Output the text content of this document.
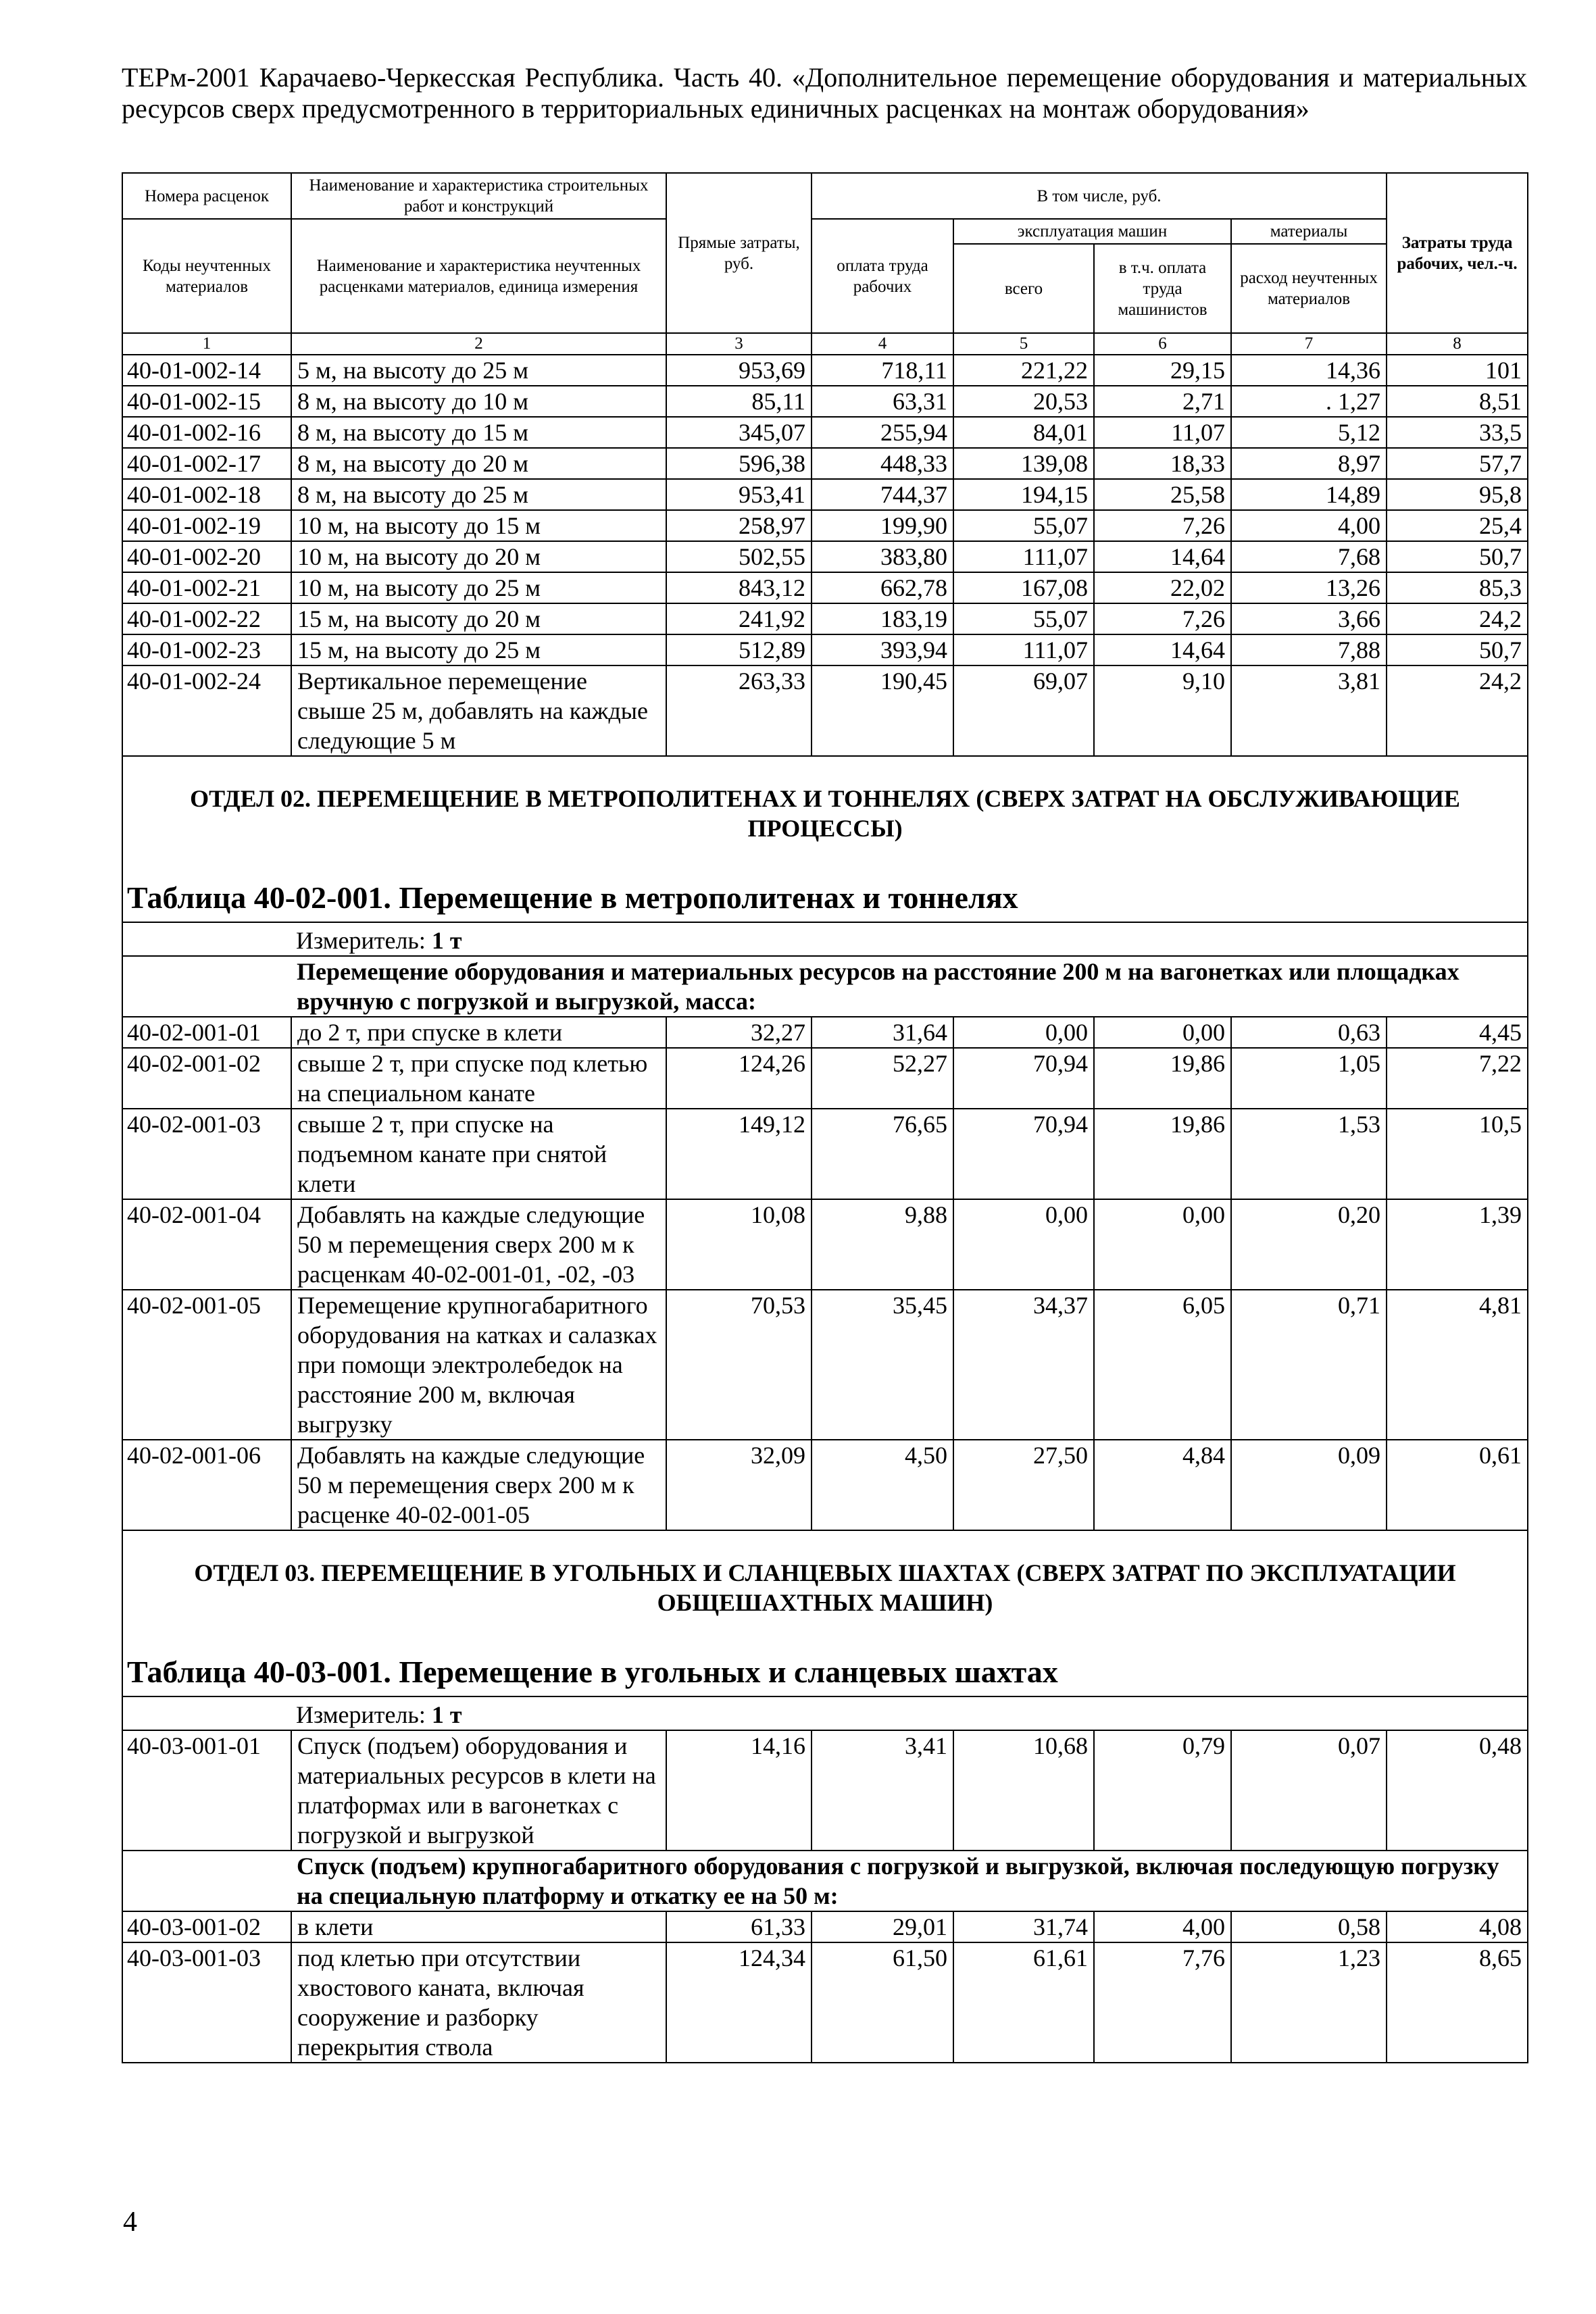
ТЕРм-2001 Карачаево-Черкесская Республика. Часть 40. «Дополнительное перемещение оборудования и материальных ресурсов сверх предусмотренного в территориальных единичных расценках на монтаж оборудования»
Номера расценок	Наименование и характеристика строительных работ и конструкций	Прямые затраты, руб.	В том числе, руб.				Затраты труда рабочих, чел.-ч.
Коды неучтенных материалов	Наименование и характеристика неучтенных расценками материалов, единица измерения		оплата труда рабочих	эксплуатация машин		материалы	
				всего	в т.ч. оплата труда машинистов	расход неучтенных материалов	
1	2	3	4	5	6	7	8
40-01-002-14	5 м, на высоту до 25 м	953,69	718,11	221,22	29,15	14,36	101
40-01-002-15	8 м, на высоту до 10 м	85,11	63,31	20,53	2,71	. 1,27	8,51
40-01-002-16	8 м, на высоту до 15 м	345,07	255,94	84,01	11,07	5,12	33,5
40-01-002-17	8 м, на высоту до 20 м	596,38	448,33	139,08	18,33	8,97	57,7
40-01-002-18	8 м, на высоту до 25 м	953,41	744,37	194,15	25,58	14,89	95,8
40-01-002-19	10 м, на высоту до 15 м	258,97	199,90	55,07	7,26	4,00	25,4
40-01-002-20	10 м, на высоту до 20 м	502,55	383,80	111,07	14,64	7,68	50,7
40-01-002-21	10 м, на высоту до 25 м	843,12	662,78	167,08	22,02	13,26	85,3
40-01-002-22	15 м, на высоту до 20 м	241,92	183,19	55,07	7,26	3,66	24,2
40-01-002-23	15 м, на высоту до 25 м	512,89	393,94	111,07	14,64	7,88	50,7
40-01-002-24	Вертикальное перемещение свыше 25 м, добавлять на каждые следующие 5 м	263,33	190,45	69,07	9,10	3,81	24,2
ОТДЕЛ 02. ПЕРЕМЕЩЕНИЕ В МЕТРОПОЛИТЕНАХ И ТОННЕЛЯХ (СВЕРХ ЗАТРАТ НА ОБСЛУЖИВАЮЩИЕ ПРОЦЕССЫ)							
Таблица 40-02-001. Перемещение в метрополитенах и тоннелях							
Измеритель: 1 т							
	Перемещение оборудования и материальных ресурсов на расстояние 200 м на вагонетках или площадках вручную с погрузкой и выгрузкой, масса:						
40-02-001-01	до 2 т, при спуске в клети	32,27	31,64	0,00	0,00	0,63	4,45
40-02-001-02	свыше 2 т, при спуске под клетью на специальном канате	124,26	52,27	70,94	19,86	1,05	7,22
40-02-001-03	свыше 2 т, при спуске на подъемном канате при снятой клети	149,12	76,65	70,94	19,86	1,53	10,5
40-02-001-04	Добавлять на каждые следующие 50 м перемещения сверх 200 м к расценкам 40-02-001-01, -02, -03	10,08	9,88	0,00	0,00	0,20	1,39
40-02-001-05	Перемещение крупногабаритного оборудования на катках и салазках при помощи электролебедок на расстояние 200 м, включая выгрузку	70,53	35,45	34,37	6,05	0,71	4,81
40-02-001-06	Добавлять на каждые следующие 50 м перемещения сверх 200 м к расценке 40-02-001-05	32,09	4,50	27,50	4,84	0,09	0,61
ОТДЕЛ 03. ПЕРЕМЕЩЕНИЕ В УГОЛЬНЫХ И СЛАНЦЕВЫХ ШАХТАХ (СВЕРХ ЗАТРАТ ПО ЭКСПЛУАТАЦИИ ОБЩЕШАХТНЫХ МАШИН)							
Таблица 40-03-001. Перемещение в угольных и сланцевых шахтах							
Измеритель: 1 т							
40-03-001-01	Спуск (подъем) оборудования и материальных ресурсов в клети на платформах или в вагонетках с погрузкой и выгрузкой	14,16	3,41	10,68	0,79	0,07	0,48
	Спуск (подъем) крупногабаритного оборудования с погрузкой и выгрузкой, включая последующую погрузку на специальную платформу и откатку ее на 50 м:						
40-03-001-02	в клети	61,33	29,01	31,74	4,00	0,58	4,08
40-03-001-03	под клетью при отсутствии хвостового каната, включая сооружение и разборку перекрытия ствола	124,34	61,50	61,61	7,76	1,23	8,65
4
